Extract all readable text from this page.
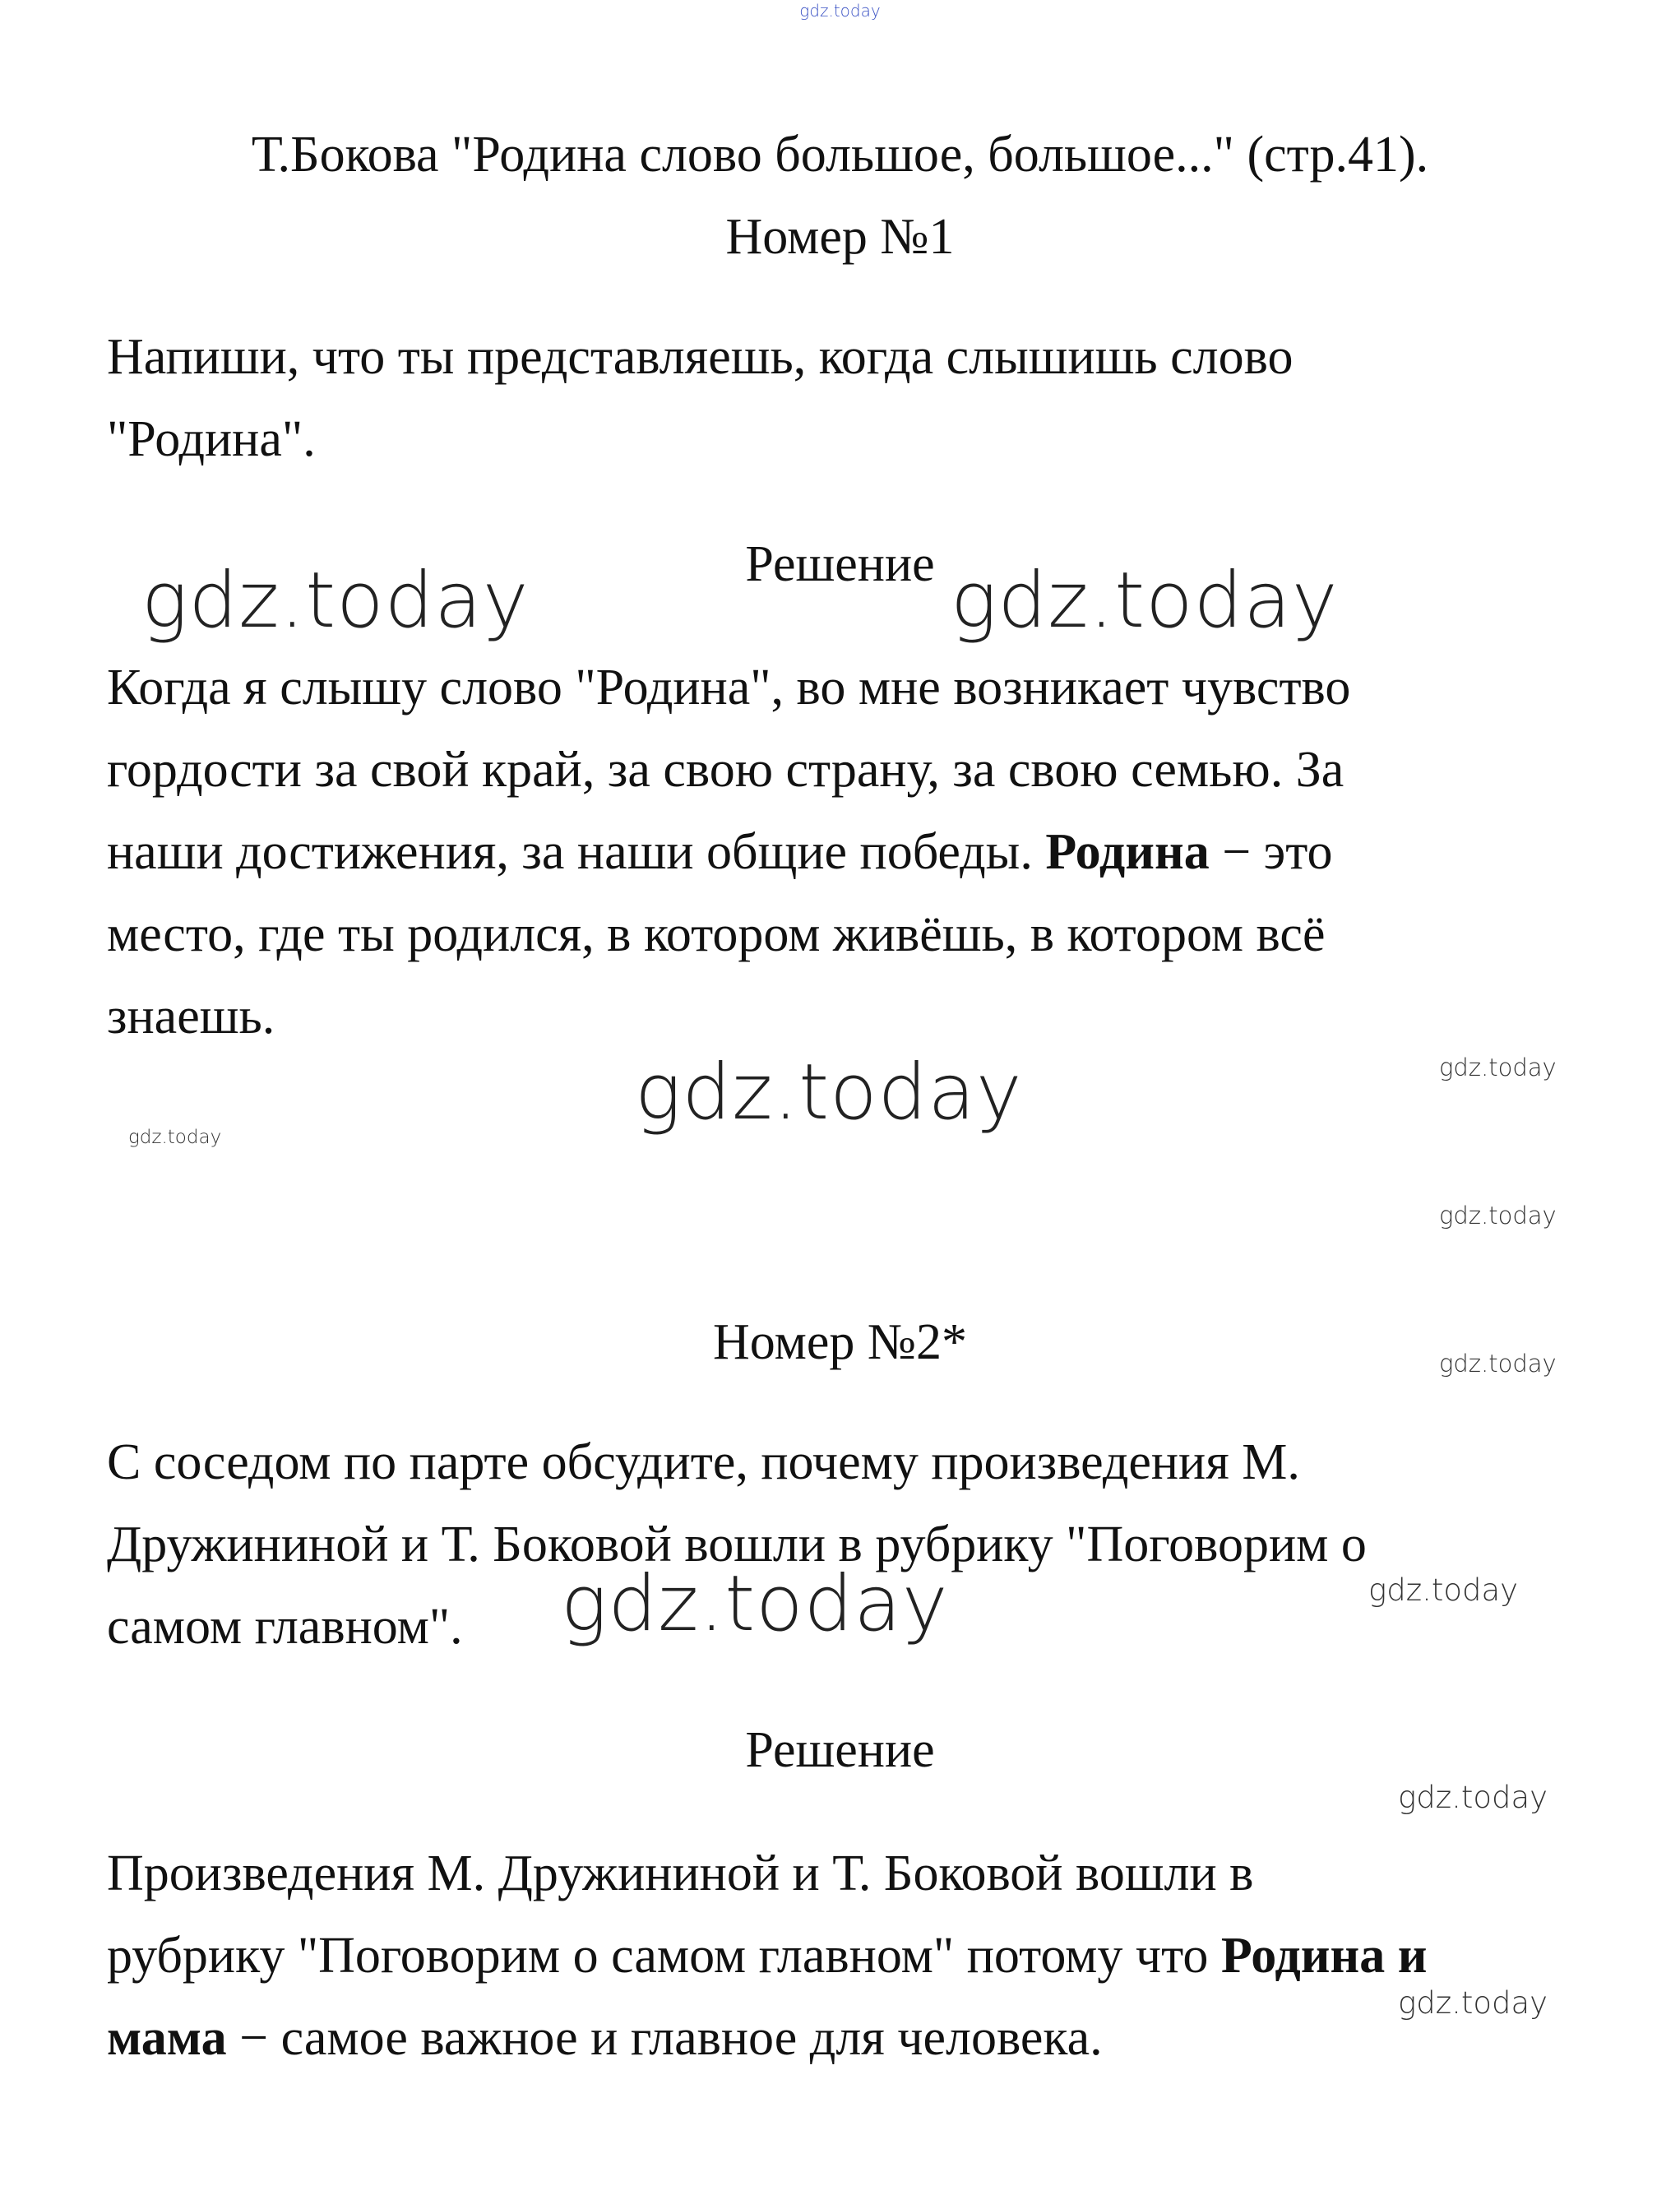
gdz.today
Т.Бокова "Родина слово большое, большое..." (стр.41).
Номер №1
Напиши, что ты представляешь, когда слышишь слово
"Родина".
Решение
Когда я слышу слово "Родина", во мне возникает чувство
гордости за свой край, за свою страну, за свою семью. За
наши достижения, за наши общие победы. Родина − это
место, где ты родился, в котором живёшь, в котором всё
знаешь.
Номер №2*
С соседом по парте обсудите, почему произведения М.
Дружининой и Т. Боковой вошли в рубрику "Поговорим о
самом главном".
Решение
Произведения М. Дружининой и Т. Боковой вошли в
рубрику "Поговорим о самом главном" потому что Родина и
мама − самое важное и главное для человека.
gdz.today	gdz.today
gdz.today
gdz.today
gdz.today
gdz.today
gdz.today
gdz.today
gdz.today
gdz.today
gdz.today
